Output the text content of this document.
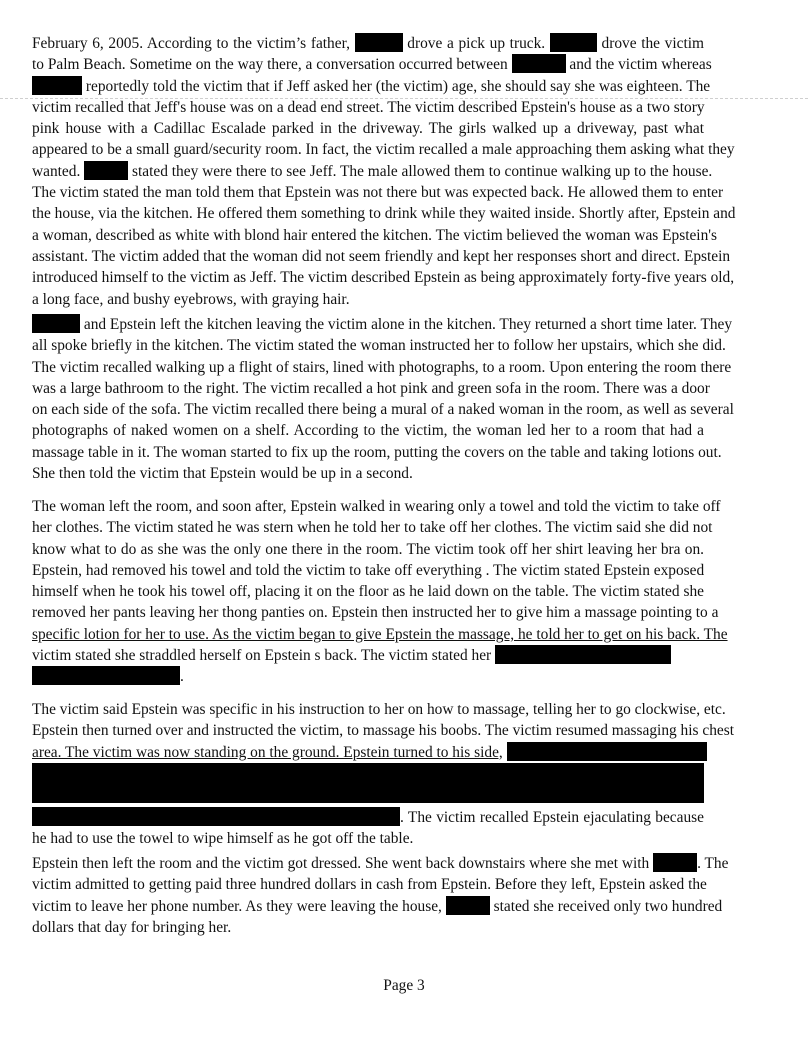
February 6, 2005. According to the victim’s father,	drove a pick up truck.	drove the victim
to Palm Beach. Sometime on the way there, a conversation occurred between	and the victim whereas
reportedly told the victim that if Jeff asked her (the victim) age, she should say she was eighteen. The
victim recalled that Jeff's house was on a dead end street. The victim described Epstein's house as a two story
pink house with a Cadillac Escalade parked in the driveway. The girls walked up a driveway, past what
appeared to be a small guard/security room. In fact, the victim recalled a male approaching them asking what they
wanted.	stated they were there to see Jeff. The male allowed them to continue walking up to the house.
The victim stated the man told them that Epstein was not there but was expected back. He allowed them to enter
the house, via the kitchen. He offered them something to drink while they waited inside. Shortly after, Epstein and
a woman, described as white with blond hair entered the kitchen. The victim believed the woman was Epstein's
assistant. The victim added that the woman did not seem friendly and kept her responses short and direct. Epstein
introduced himself to the victim as Jeff. The victim described Epstein as being approximately forty-five years old,
a long face, and bushy eyebrows, with graying hair.
and Epstein left the kitchen leaving the victim alone in the kitchen. They returned a short time later. They
all spoke briefly in the kitchen. The victim stated the woman instructed her to follow her upstairs, which she did.
The victim recalled walking up a flight of stairs, lined with photographs, to a room. Upon entering the room there
was a large bathroom to the right. The victim recalled a hot pink and green sofa in the room. There was a door
on each side of the sofa. The victim recalled there being a mural of a naked woman in the room, as well as several
photographs of naked women on a shelf. According to the victim, the woman led her to a room that had a
massage table in it. The woman started to fix up the room, putting the covers on the table and taking lotions out.
She then told the victim that Epstein would be up in a second.
The woman left the room, and soon after, Epstein walked in wearing only a towel and told the victim to take off
her clothes. The victim stated he was stern when he told her to take off her clothes. The victim said she did not
know what to do as she was the only one there in the room. The victim took off her shirt leaving her bra on.
Epstein, had removed his towel and told the victim to take off everything . The victim stated Epstein exposed
himself when he took his towel off, placing it on the floor as he laid down on the table. The victim stated she
removed her pants leaving her thong panties on. Epstein then instructed her to give him a massage pointing to a
specific lotion for her to use. As the victim began to give Epstein the massage, he told her to get on his back. The
victim stated she straddled herself on Epstein s back. The victim stated her
.
The victim said Epstein was specific in his instruction to her on how to massage, telling her to go clockwise, etc.
Epstein then turned over and instructed the victim, to massage his boobs. The victim resumed massaging his chest
area. The victim was now standing on the ground. Epstein turned to his side,
. The victim recalled Epstein ejaculating because
he had to use the towel to wipe himself as he got off the table.
Epstein then left the room and the victim got dressed. She went back downstairs where she met with	. The
victim admitted to getting paid three hundred dollars in cash from Epstein. Before they left, Epstein asked the
victim to leave her phone number. As they were leaving the house,	stated she received only two hundred
dollars that day for bringing her.
Page 3
